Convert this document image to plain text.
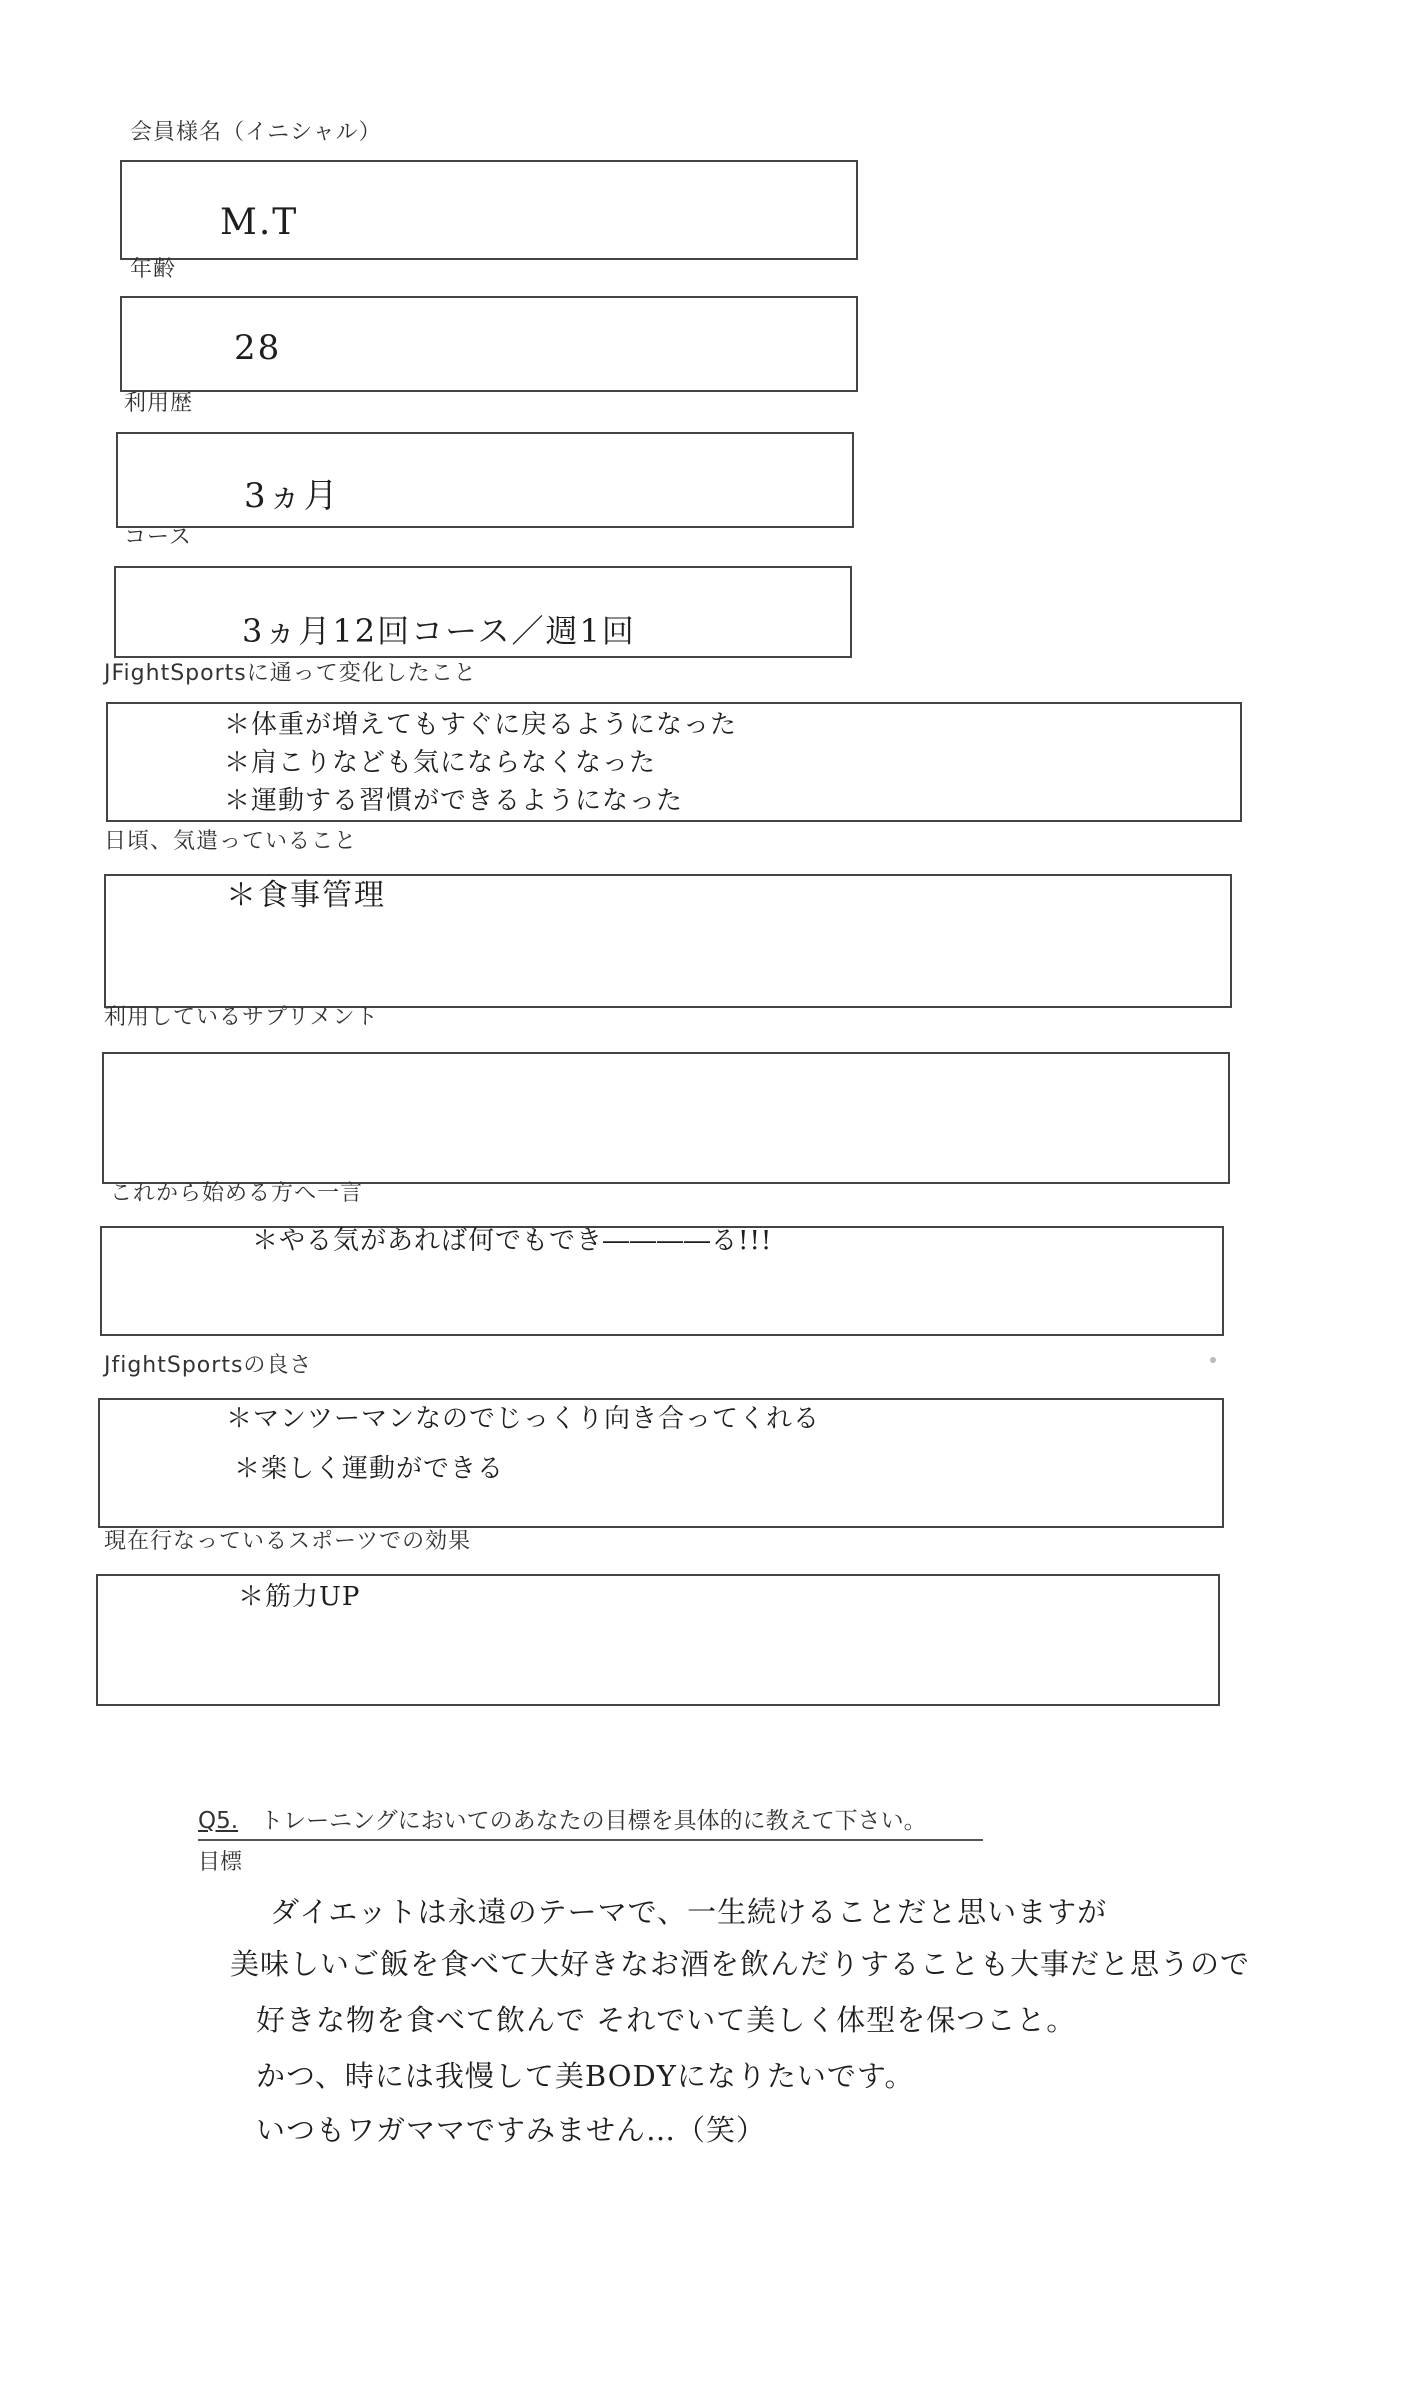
会員様名（イニシャル）
M.T
年齢
28
利用歴
3ヵ月
コース
3ヵ月12回コース／週1回
JFightSportsに通って変化したこと
＊体重が増えてもすぐに戻るようになった
＊肩こりなども気にならなくなった
＊運動する習慣ができるようになった
日頃、気遣っていること
＊食事管理
利用しているサプリメント
これから始める方へ一言
＊やる気があれば何でもでき――――る!!!
JfightSportsの良さ
＊マンツーマンなのでじっくり向き合ってくれる
＊楽しく運動ができる
現在行なっているスポーツでの効果
＊筋力UP
Q5. トレーニングにおいてのあなたの目標を具体的に教えて下さい。
目標
ダイエットは永遠のテーマで、一生続けることだと思いますが
美味しいご飯を食べて大好きなお酒を飲んだりすることも大事だと思うので
好きな物を食べて飲んで それでいて美しく体型を保つこと。
かつ、時には我慢して美BODYになりたいです。
いつもワガママですみません…（笑）
